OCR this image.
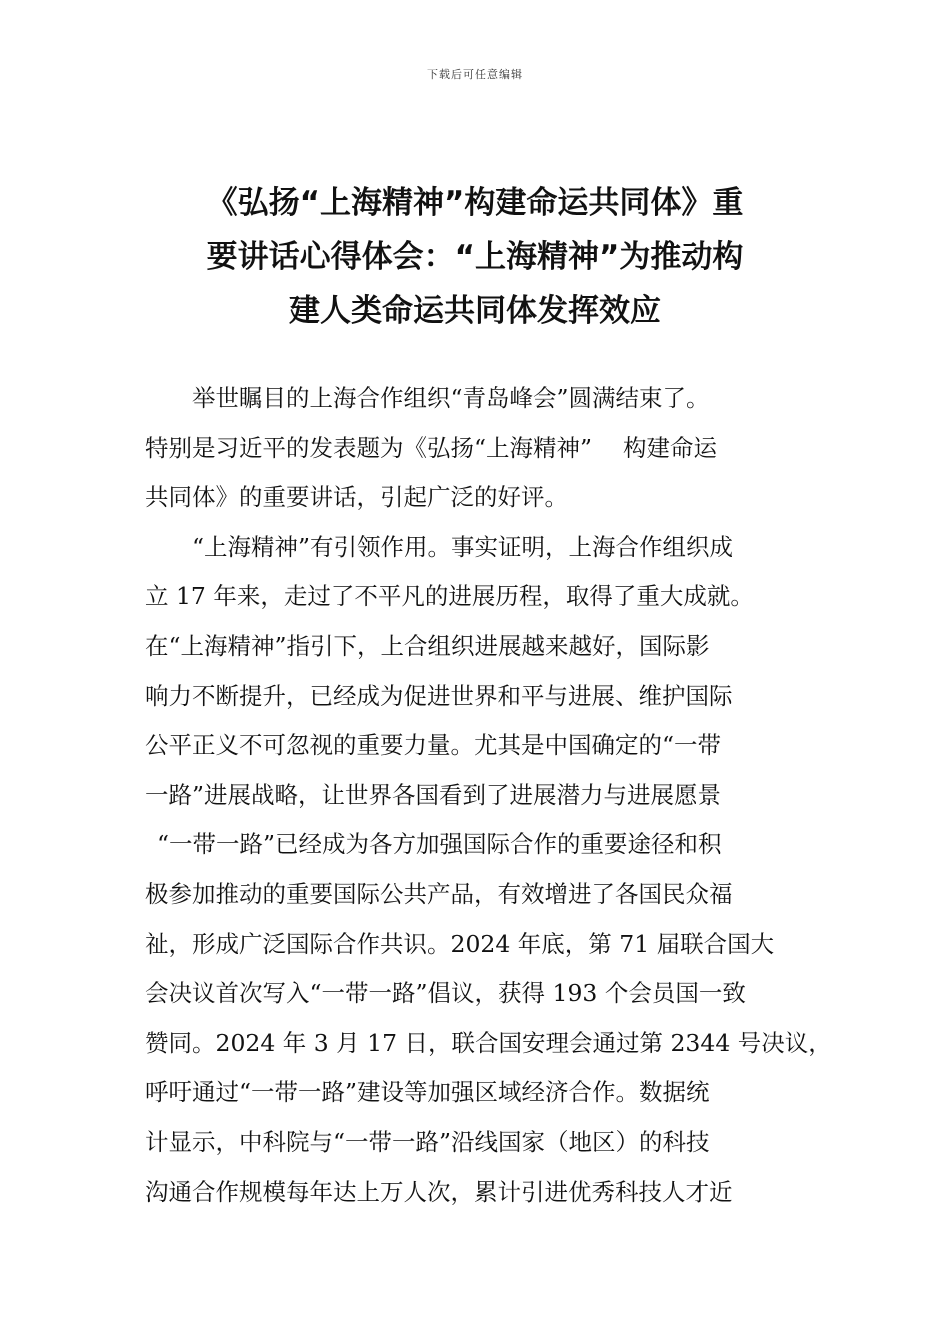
下载后可任意编辑
《弘扬“上海精神”构建命运共同体》重
要讲话心得体会：“上海精神”为推动构
建人类命运共同体发挥效应
举世瞩目的上海合作组织“青岛峰会”圆满结束了。
特别是习近平的发表题为《弘扬“上海精神”　 构建命运
共同体》的重要讲话，引起广泛的好评。
“上海精神”有引领作用。事实证明，上海合作组织成
立 17 年来，走过了不平凡的进展历程，取得了重大成就。
在“上海精神”指引下，上合组织进展越来越好，国际影
响力不断提升，已经成为促进世界和平与进展、维护国际
公平正义不可忽视的重要力量。尤其是中国确定的“一带
一路”进展战略，让世界各国看到了进展潜力与进展愿景
“一带一路”已经成为各方加强国际合作的重要途径和积
极参加推动的重要国际公共产品，有效增进了各国民众福
祉，形成广泛国际合作共识。2024 年底，第 71 届联合国大
会决议首次写入“一带一路”倡议，获得 193 个会员国一致
赞同。2024 年 3 月 17 日，联合国安理会通过第 2344 号决议，
呼吁通过“一带一路”建设等加强区域经济合作。数据统
计显示，中科院与“一带一路”沿线国家（地区）的科技
沟通合作规模每年达上万人次，累计引进优秀科技人才近
